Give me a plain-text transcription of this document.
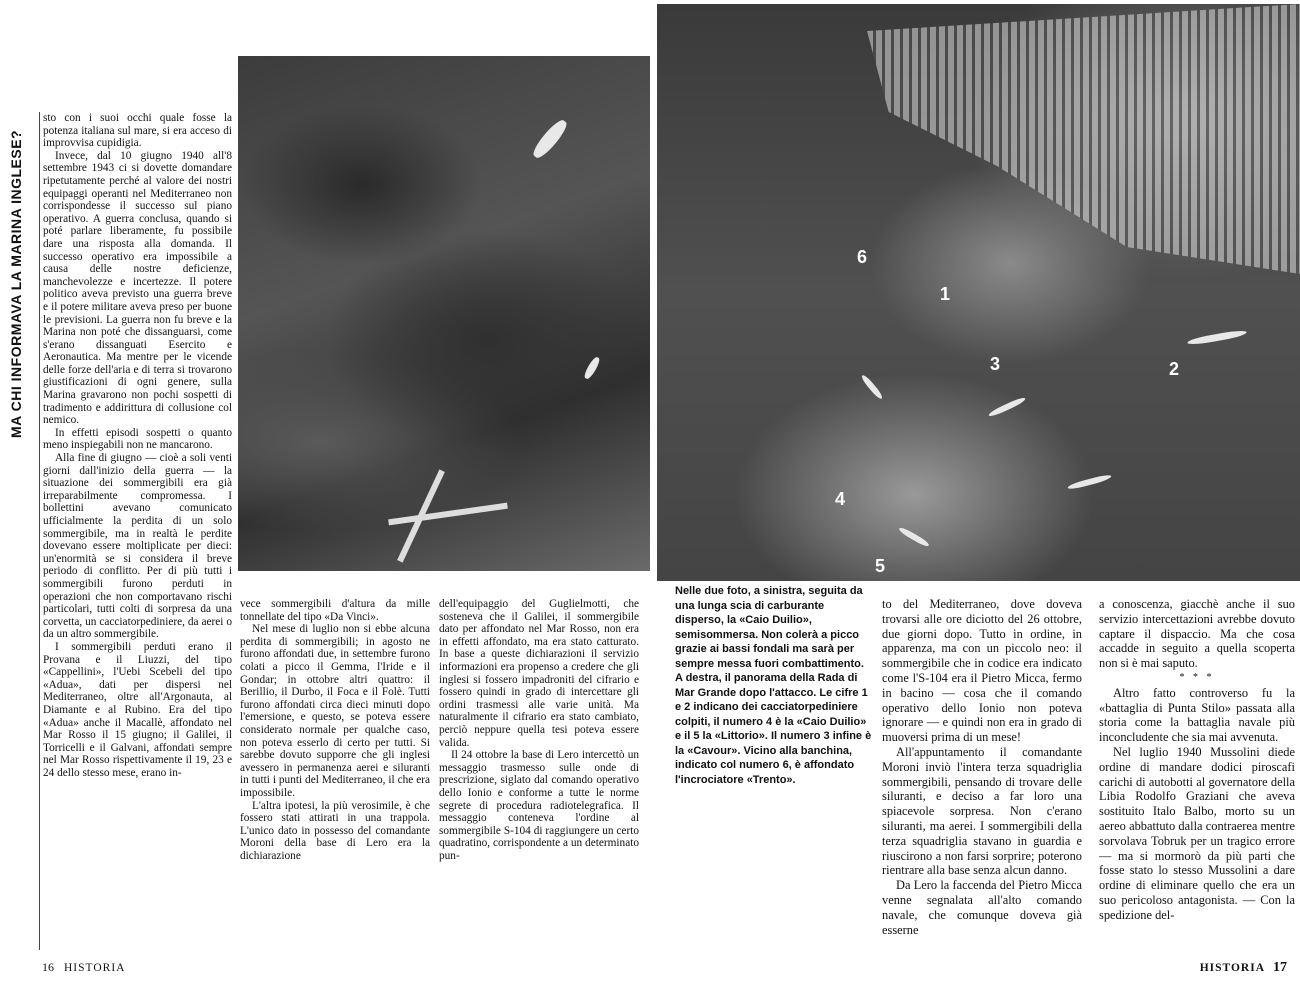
MA CHI INFORMAVA LA MARINA INGLESE?

sto con i suoi occhi quale fosse la potenza italiana sul mare, si era acceso di improvvisa cupidigia.

Invece, dal 10 giugno 1940 all'8 settembre 1943 ci si dovette domandare ripetutamente perché al valore dei nostri equipaggi operanti nel Mediterraneo non corrispondesse il successo sul piano operativo. A guerra conclusa, quando si poté parlare liberamente, fu possibile dare una risposta alla domanda. Il successo operativo era impossibile a causa delle nostre deficienze, manchevolezze e incertezze. Il potere politico aveva previsto una guerra breve e il potere militare aveva preso per buone le previsioni. La guerra non fu breve e la Marina non poté che dissanguarsi, come s'erano dissanguati Esercito e Aeronautica. Ma mentre per le vicende delle forze dell'aria e di terra si trovarono giustificazioni di ogni genere, sulla Marina gravarono non pochi sospetti di tradimento e addirittura di collusione col nemico.

In effetti episodi sospetti o quanto meno inspiegabili non ne mancarono.

Alla fine di giugno — cioè a soli venti giorni dall'inizio della guerra — la situazione dei sommergibili era già irreparabilmente compromessa. I bollettini avevano comunicato ufficialmente la perdita di un solo sommergibile, ma in realtà le perdite dovevano essere moltiplicate per dieci: un'enormità se si considera il breve periodo di conflitto. Per di più tutti i sommergibili furono perduti in operazioni che non comportavano rischi particolari, tutti colti di sorpresa da una corvetta, un cacciatorpediniere, da aerei o da un altro sommergibile.

I sommergibili perduti erano il Provana e il Liuzzi, del tipo «Cappellini», l'Uebi Scebeli del tipo «Adua», dati per dispersi nel Mediterraneo, oltre all'Argonauta, al Diamante e al Rubino. Era del tipo «Adua» anche il Macallè, affondato nel Mar Rosso il 15 giugno; il Galilei, il Torricelli e il Galvani, affondati sempre nel Mar Rosso rispettivamente il 19, 23 e 24 dello stesso mese, erano in-

vece sommergibili d'altura da mille tonnellate del tipo «Da Vinci».

Nel mese di luglio non si ebbe alcuna perdita di sommergibili; in agosto ne furono affondati due, in settembre furono colati a picco il Gemma, l'Iride e il Gondar; in ottobre altri quattro: il Berillio, il Durbo, il Foca e il Folè. Tutti furono affondati circa dieci minuti dopo l'emersione, e questo, se poteva essere considerato normale per qualche caso, non poteva esserlo di certo per tutti. Si sarebbe dovuto supporre che gli inglesi avessero in permanenza aerei e siluranti in tutti i punti del Mediterraneo, il che era impossibile.

L'altra ipotesi, la più verosimile, è che fossero stati attirati in una trappola. L'unico dato in possesso del comandante Moroni della base di Lero era la dichiarazione

dell'equipaggio del Guglielmotti, che sosteneva che il Galilei, il sommergibile dato per affondato nel Mar Rosso, non era in effetti affondato, ma era stato catturato. In base a queste dichiarazioni il servizio informazioni era propenso a credere che gli inglesi si fossero impadroniti del cifrario e fossero quindi in grado di intercettare gli ordini trasmessi alle varie unità. Ma naturalmente il cifrario era stato cambiato, perciò neppure quella tesi poteva essere valida.

Il 24 ottobre la base di Lero intercettò un messaggio trasmesso sulle onde di prescrizione, siglato dal comando operativo dello Ionio e conforme a tutte le norme segrete di procedura radiotelegrafica. Il messaggio conteneva l'ordine al sommergibile S-104 di raggiungere un certo quadratino, corrispondente a un determinato pun-

16 HISTORIA
1
2
3
4
5
6
Nelle due foto, a sinistra, seguita da una lunga scia di carburante disperso, la «Caio Duilio», semisommersa. Non colerà a picco grazie ai bassi fondali ma sarà per sempre messa fuori combattimento. A destra, il panorama della Rada di Mar Grande dopo l'attacco. Le cifre 1 e 2 indicano dei cacciatorpediniere colpiti, il numero 4 è la «Caio Duilio» e il 5 la «Littorio». Il numero 3 infine è la «Cavour». Vicino alla banchina, indicato col numero 6, è affondato l'incrociatore «Trento».

to del Mediterraneo, dove doveva trovarsi alle ore diciotto del 26 ottobre, due giorni dopo. Tutto in ordine, in apparenza, ma con un piccolo neo: il sommergibile che in codice era indicato come l'S-104 era il Pietro Micca, fermo in bacino — cosa che il comando operativo dello Ionio non poteva ignorare — e quindi non era in grado di muoversi prima di un mese!

All'appuntamento il comandante Moroni inviò l'intera terza squadriglia sommergibili, pensando di trovare delle siluranti, e deciso a far loro una spiacevole sorpresa. Non c'erano siluranti, ma aerei. I sommergibili della terza squadriglia stavano in guardia e riuscirono a non farsi sorprire; poterono rientrare alla base senza alcun danno.

Da Lero la faccenda del Pietro Micca venne segnalata all'alto comando navale, che comunque doveva già esserne

a conoscenza, giacchè anche il suo servizio intercettazioni avrebbe dovuto captare il dispaccio. Ma che cosa accadde in seguito a quella scoperta non si è mai saputo.

* * *

Altro fatto controverso fu la «battaglia di Punta Stilo» passata alla storia come la battaglia navale più inconcludente che sia mai avvenuta.

Nel luglio 1940 Mussolini diede ordine di mandare dodici piroscafi carichi di autobotti al governatore della Libia Rodolfo Graziani che aveva sostituito Italo Balbo, morto su un aereo abbattuto dalla contraerea mentre sorvolava Tobruk per un tragico errore — ma si mormorò da più parti che fosse stato lo stesso Mussolini a dare ordine di eliminare quello che era un suo pericoloso antagonista. — Con la spedizione del-

HISTORIA 17
